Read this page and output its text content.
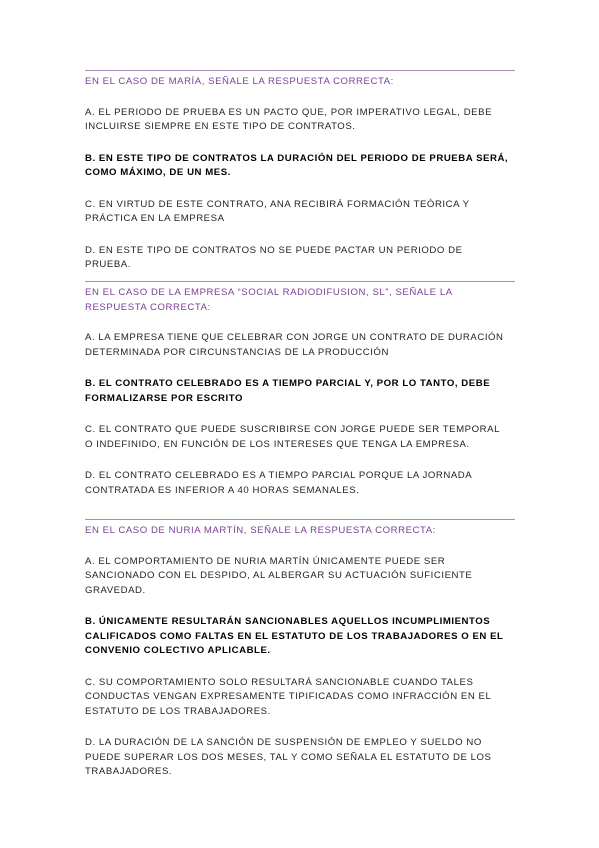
EN EL CASO DE MARÍA, SEÑALE LA RESPUESTA CORRECTA:

A. EL PERIODO DE PRUEBA ES UN PACTO QUE, POR IMPERATIVO LEGAL, DEBE INCLUIRSE SIEMPRE EN ESTE TIPO DE CONTRATOS.

B. EN ESTE TIPO DE CONTRATOS LA DURACIÓN DEL PERIODO DE PRUEBA SERÁ, COMO MÁXIMO, DE UN MES.

C. EN VIRTUD DE ESTE CONTRATO, ANA RECIBIRÁ FORMACIÓN TEÓRICA Y PRÁCTICA EN LA EMPRESA

D. EN ESTE TIPO DE CONTRATOS NO SE PUEDE PACTAR UN PERIODO DE PRUEBA.

EN EL CASO DE LA EMPRESA “SOCIAL RADIODIFUSION, SL”, SEÑALE LA RESPUESTA CORRECTA:

A. LA EMPRESA TIENE QUE CELEBRAR CON JORGE UN CONTRATO DE DURACIÓN DETERMINADA POR CIRCUNSTANCIAS DE LA PRODUCCIÓN

B. EL CONTRATO CELEBRADO ES A TIEMPO PARCIAL Y, POR LO TANTO, DEBE FORMALIZARSE POR ESCRITO

C. EL CONTRATO QUE PUEDE SUSCRIBIRSE CON JORGE PUEDE SER TEMPORAL O INDEFINIDO, EN FUNCIÓN DE LOS INTERESES QUE TENGA LA EMPRESA.

D. EL CONTRATO CELEBRADO ES A TIEMPO PARCIAL PORQUE LA JORNADA CONTRATADA ES INFERIOR A 40 HORAS SEMANALES.

EN EL CASO DE NURIA MARTÍN, SEÑALE LA RESPUESTA CORRECTA:

A. EL COMPORTAMIENTO DE NURIA MARTÍN ÚNICAMENTE PUEDE SER SANCIONADO CON EL DESPIDO, AL ALBERGAR SU ACTUACIÓN SUFICIENTE GRAVEDAD.

B. ÚNICAMENTE RESULTARÁN SANCIONABLES AQUELLOS INCUMPLIMIENTOS CALIFICADOS COMO FALTAS EN EL ESTATUTO DE LOS TRABAJADORES O EN EL CONVENIO COLECTIVO APLICABLE.

C. SU COMPORTAMIENTO SOLO RESULTARÁ SANCIONABLE CUANDO TALES CONDUCTAS VENGAN EXPRESAMENTE TIPIFICADAS COMO INFRACCIÓN EN EL ESTATUTO DE LOS TRABAJADORES.

D. LA DURACIÓN DE LA SANCIÓN DE SUSPENSIÓN DE EMPLEO Y SUELDO NO PUEDE SUPERAR LOS DOS MESES, TAL Y COMO SEÑALA EL ESTATUTO DE LOS TRABAJADORES.
